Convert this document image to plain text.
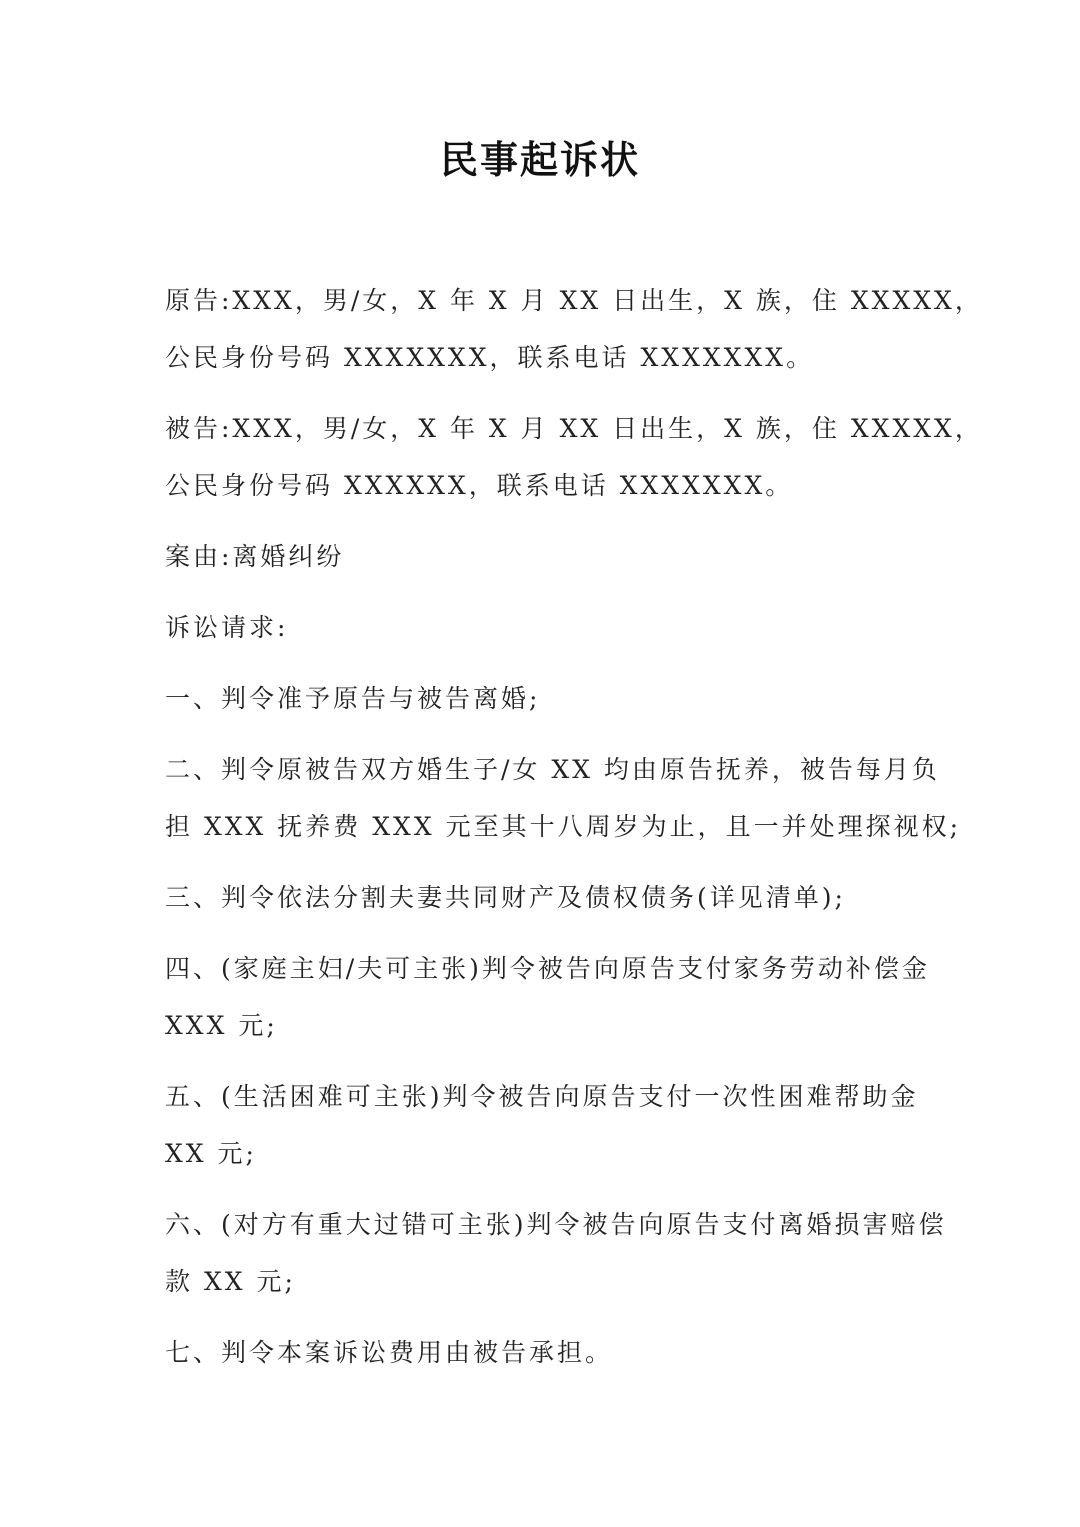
民事起诉状

原告:XXX，男/女，X 年 X 月 XX 日出生，X 族，住 XXXXX，
公民身份号码 XXXXXXX，联系电话 XXXXXXX。

被告:XXX，男/女，X 年 X 月 XX 日出生，X 族，住 XXXXX，
公民身份号码 XXXXXX，联系电话 XXXXXXX。

案由:离婚纠纷

诉讼请求:

一、判令准予原告与被告离婚;

二、判令原被告双方婚生子/女 XX 均由原告抚养，被告每月负
担 XXX 抚养费 XXX 元至其十八周岁为止，且一并处理探视权;

三、判令依法分割夫妻共同财产及债权债务(详见清单);

四、(家庭主妇/夫可主张)判令被告向原告支付家务劳动补偿金
XXX 元;

五、(生活困难可主张)判令被告向原告支付一次性困难帮助金
XX 元;

六、(对方有重大过错可主张)判令被告向原告支付离婚损害赔偿
款 XX 元;

七、判令本案诉讼费用由被告承担。
